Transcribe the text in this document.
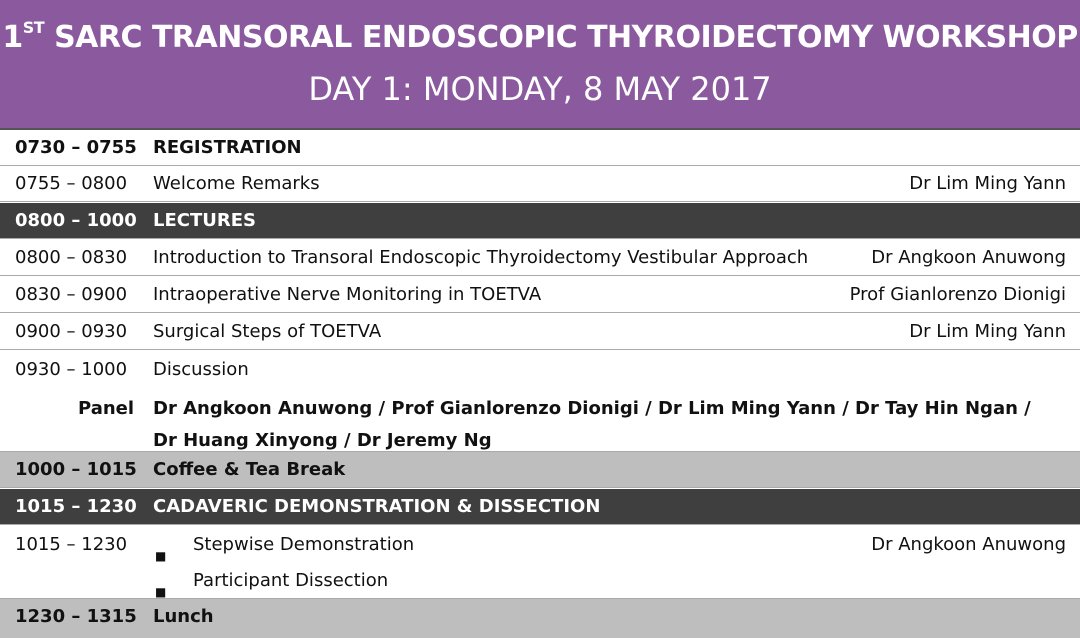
1ST SARC TRANSORAL ENDOSCOPIC THYROIDECTOMY WORKSHOP
DAY 1: MONDAY, 8 MAY 2017
0730 – 0755 REGISTRATION
0755 – 0800 Welcome Remarks	Dr Lim Ming Yann
0800 – 1000 LECTURES
0800 – 0830 Introduction to Transoral Endoscopic Thyroidectomy Vestibular Approach	Dr Angkoon Anuwong
0830 – 0900 Intraoperative Nerve Monitoring in TOETVA	Prof Gianlorenzo Dionigi
0900 – 0930 Surgical Steps of TOETVA	Dr Lim Ming Yann
0930 – 1000 Discussion
Panel Dr Angkoon Anuwong / Prof Gianlorenzo Dionigi / Dr Lim Ming Yann / Dr Tay Hin Ngan /
Dr Huang Xinyong / Dr Jeremy Ng
1000 – 1015 Coffee & Tea Break
1015 – 1230 CADAVERIC DEMONSTRATION & DISSECTION
1015 – 1230
■
Stepwise Demonstration	Dr Angkoon Anuwong
■
Participant Dissection
1230 – 1315 Lunch
